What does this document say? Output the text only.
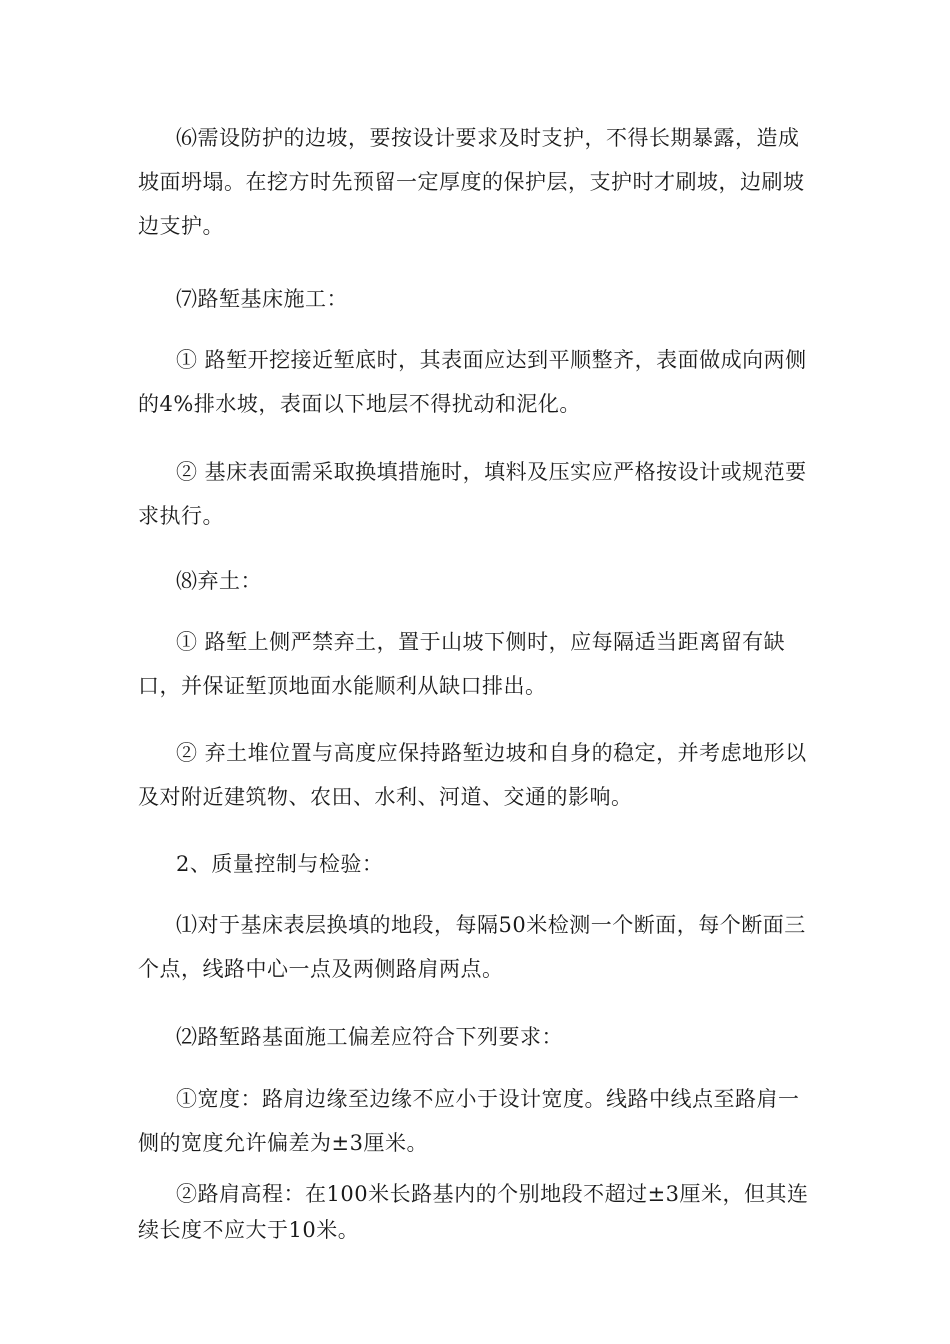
⑹需设防护的边坡，要按设计要求及时支护，不得长期暴露，造成坡面坍塌。在挖方时先预留一定厚度的保护层，支护时才刷坡，边刷坡边支护。

⑺路堑基床施工：

① 路堑开挖接近堑底时，其表面应达到平顺整齐，表面做成向两侧的4%排水坡，表面以下地层不得扰动和泥化。

② 基床表面需采取换填措施时，填料及压实应严格按设计或规范要求执行。

⑻弃土：

① 路堑上侧严禁弃土，置于山坡下侧时，应每隔适当距离留有缺口，并保证堑顶地面水能顺利从缺口排出。

② 弃土堆位置与高度应保持路堑边坡和自身的稳定，并考虑地形以及对附近建筑物、农田、水利、河道、交通的影响。

2、质量控制与检验：

⑴对于基床表层换填的地段，每隔50米检测一个断面，每个断面三个点，线路中心一点及两侧路肩两点。

⑵路堑路基面施工偏差应符合下列要求：

①宽度：路肩边缘至边缘不应小于设计宽度。线路中线点至路肩一侧的宽度允许偏差为±3厘米。

②路肩高程：在100米长路基内的个别地段不超过±3厘米，但其连续长度不应大于10米。
